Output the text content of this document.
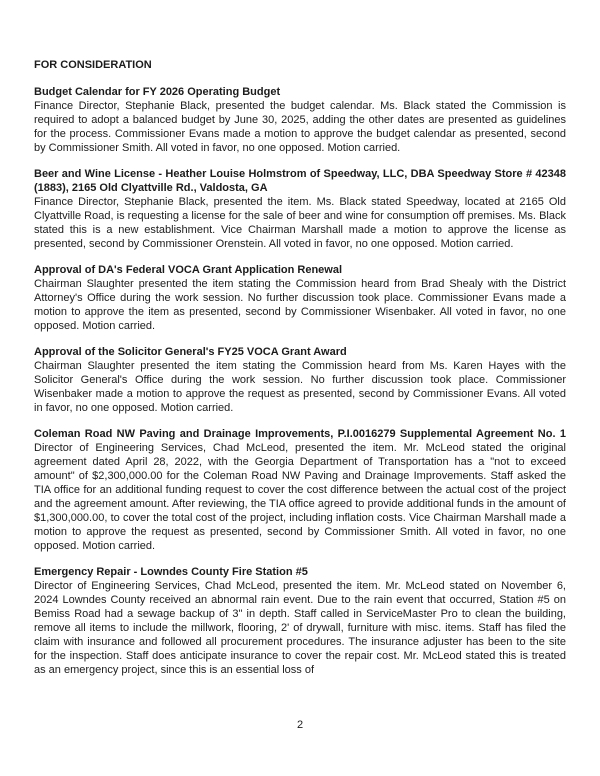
FOR CONSIDERATION
Budget Calendar for FY 2026 Operating Budget

Finance Director, Stephanie Black, presented the budget calendar. Ms. Black stated the Commission is required to adopt a balanced budget by June 30, 2025, adding the other dates are presented as guidelines for the process. Commissioner Evans made a motion to approve the budget calendar as presented, second by Commissioner Smith. All voted in favor, no one opposed. Motion carried.

Beer and Wine License - Heather Louise Holmstrom of Speedway, LLC, DBA Speedway Store # 42348 (1883), 2165 Old Clyattville Rd., Valdosta, GA

Finance Director, Stephanie Black, presented the item. Ms. Black stated Speedway, located at 2165 Old Clyattville Road, is requesting a license for the sale of beer and wine for consumption off premises. Ms. Black stated this is a new establishment. Vice Chairman Marshall made a motion to approve the license as presented, second by Commissioner Orenstein. All voted in favor, no one opposed. Motion carried.

Approval of DA's Federal VOCA Grant Application Renewal

Chairman Slaughter presented the item stating the Commission heard from Brad Shealy with the District Attorney's Office during the work session. No further discussion took place. Commissioner Evans made a motion to approve the item as presented, second by Commissioner Wisenbaker. All voted in favor, no one opposed. Motion carried.

Approval of the Solicitor General's FY25 VOCA Grant Award

Chairman Slaughter presented the item stating the Commission heard from Ms. Karen Hayes with the Solicitor General's Office during the work session. No further discussion took place. Commissioner Wisenbaker made a motion to approve the request as presented, second by Commissioner Evans. All voted in favor, no one opposed. Motion carried.

Coleman Road NW Paving and Drainage Improvements, P.I.0016279 Supplemental Agreement No. 1 Director of Engineering Services, Chad McLeod, presented the item. Mr. McLeod stated the original agreement dated April 28, 2022, with the Georgia Department of Transportation has a "not to exceed amount" of $2,300,000.00 for the Coleman Road NW Paving and Drainage Improvements. Staff asked the TIA office for an additional funding request to cover the cost difference between the actual cost of the project and the agreement amount. After reviewing, the TIA office agreed to provide additional funds in the amount of $1,300,000.00, to cover the total cost of the project, including inflation costs. Vice Chairman Marshall made a motion to approve the request as presented, second by Commissioner Smith. All voted in favor, no one opposed. Motion carried.

Emergency Repair - Lowndes County Fire Station #5

Director of Engineering Services, Chad McLeod, presented the item. Mr. McLeod stated on November 6, 2024 Lowndes County received an abnormal rain event. Due to the rain event that occurred, Station #5 on Bemiss Road had a sewage backup of 3" in depth. Staff called in ServiceMaster Pro to clean the building, remove all items to include the millwork, flooring, 2' of drywall, furniture with misc. items. Staff has filed the claim with insurance and followed all procurement procedures. The insurance adjuster has been to the site for the inspection. Staff does anticipate insurance to cover the repair cost. Mr. McLeod stated this is treated as an emergency project, since this is an essential loss of

2
